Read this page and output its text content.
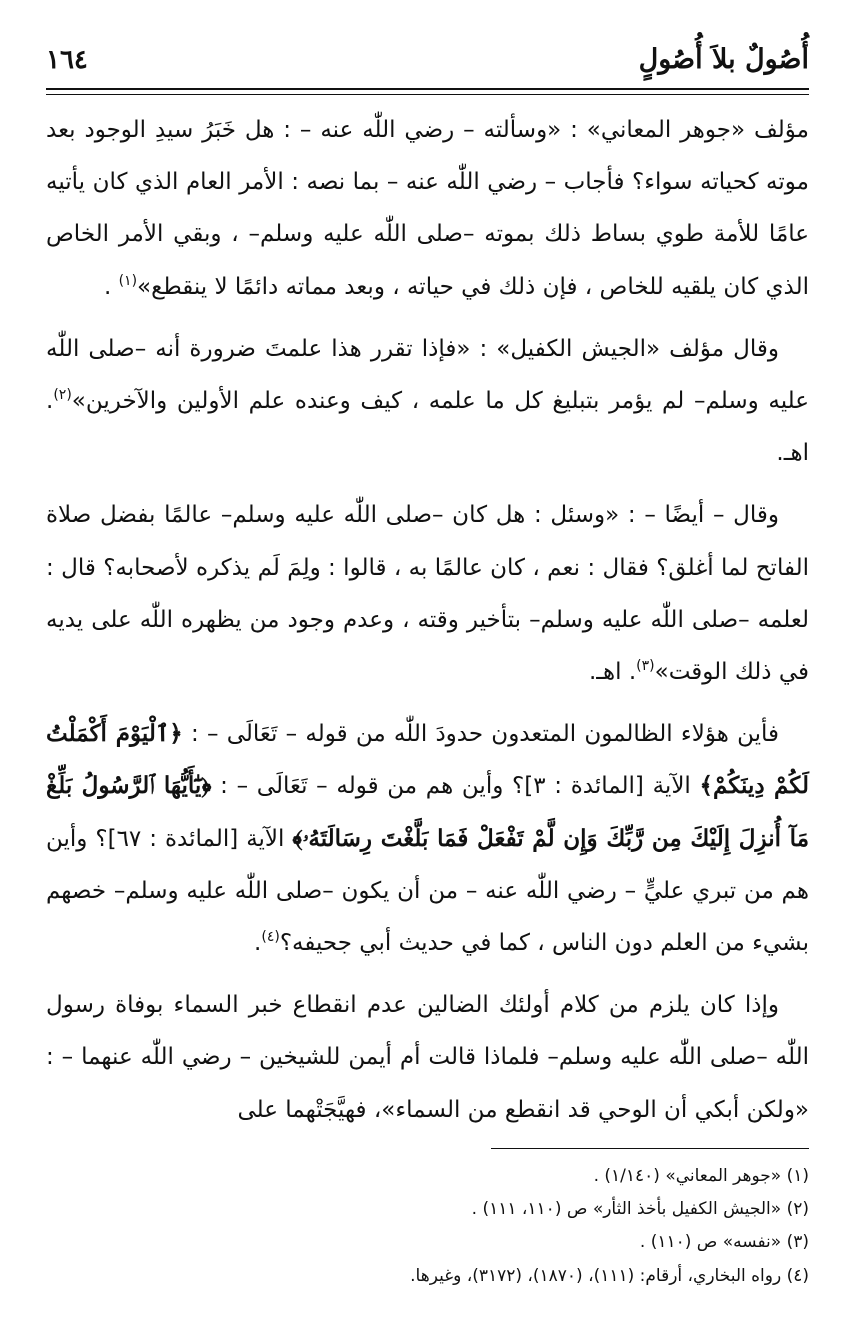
أُصُولٌ بلاَ أُصُولٍ
١٦٤

مؤلف «جوهر المعاني» : «وسألته – رضي اللّٰه عنه – : هل خَبَرُ سيدِ الوجود بعد موته كحياته سواء؟ فأجاب – رضي اللّٰه عنه – بما نصه : الأمر العام الذي كان يأتيه عامًا للأمة طوي بساط ذلك بموته –صلى اللّٰه عليه وسلم– ، وبقي الأمر الخاص الذي كان يلقيه للخاص ، فإن ذلك في حياته ، وبعد مماته دائمًا لا ينقطع»$^{(١)}$ .

وقال مؤلف «الجيش الكفيل» : «فإذا تقرر هذا علمتَ ضرورة أنه –صلى اللّٰه عليه وسلم– لم يؤمر بتبليغ كل ما علمه ، كيف وعنده علم الأولين والآخرين»$^{(٢)}$. اهـ.

وقال – أيضًا – : «وسئل : هل كان –صلى اللّٰه عليه وسلم– عالمًا بفضل صلاة الفاتح لما أغلق؟ فقال : نعم ، كان عالمًا به ، قالوا : ولِمَ لَم يذكره لأصحابه؟ قال : لعلمه –صلى اللّٰه عليه وسلم– بتأخير وقته ، وعدم وجود من يظهره اللّٰه على يديه في ذلك الوقت»$^{(٣)}$. اهـ.

فأين هؤلاء الظالمون المتعدون حدودَ اللّٰه من قوله – تَعَالَى – : ﴿ٱلْيَوْمَ أَكْمَلْتُ لَكُمْ دِينَكُمْ﴾ الآية [المائدة : ٣]؟ وأين هم من قوله – تَعَالَى – : ﴿يَٰٓأَيُّهَا ٱلرَّسُولُ بَلِّغْ مَآ أُنزِلَ إِلَيْكَ مِن رَّبِّكَ وَإِن لَّمْ تَفْعَلْ فَمَا بَلَّغْتَ رِسَالَتَهُۥ﴾ الآية [المائدة : ٦٧]؟ وأين هم من تبري عليٍّ – رضي اللّٰه عنه – من أن يكون –صلى اللّٰه عليه وسلم– خصهم بشيء من العلم دون الناس ، كما في حديث أبي جحيفه؟$^{(٤)}$.

وإذا كان يلزم من كلام أولئك الضالين عدم انقطاع خبر السماء بوفاة رسول اللّٰه –صلى اللّٰه عليه وسلم– فلماذا قالت أم أيمن للشيخين – رضي اللّٰه عنهما – : «ولكن أبكي أن الوحي قد انقطع من السماء»، فهيَّجَتْهما على

(١) «جوهر المعاني» (١/١٤٠) .
(٢) «الجيش الكفيل بأخذ الثأر» ص (١١٠، ١١١) .
(٣) «نفسه» ص (١١٠) .
(٤) رواه البخاري، أرقام: (١١١)، (١٨٧٠)، (٣١٧٢)، وغيرها.
